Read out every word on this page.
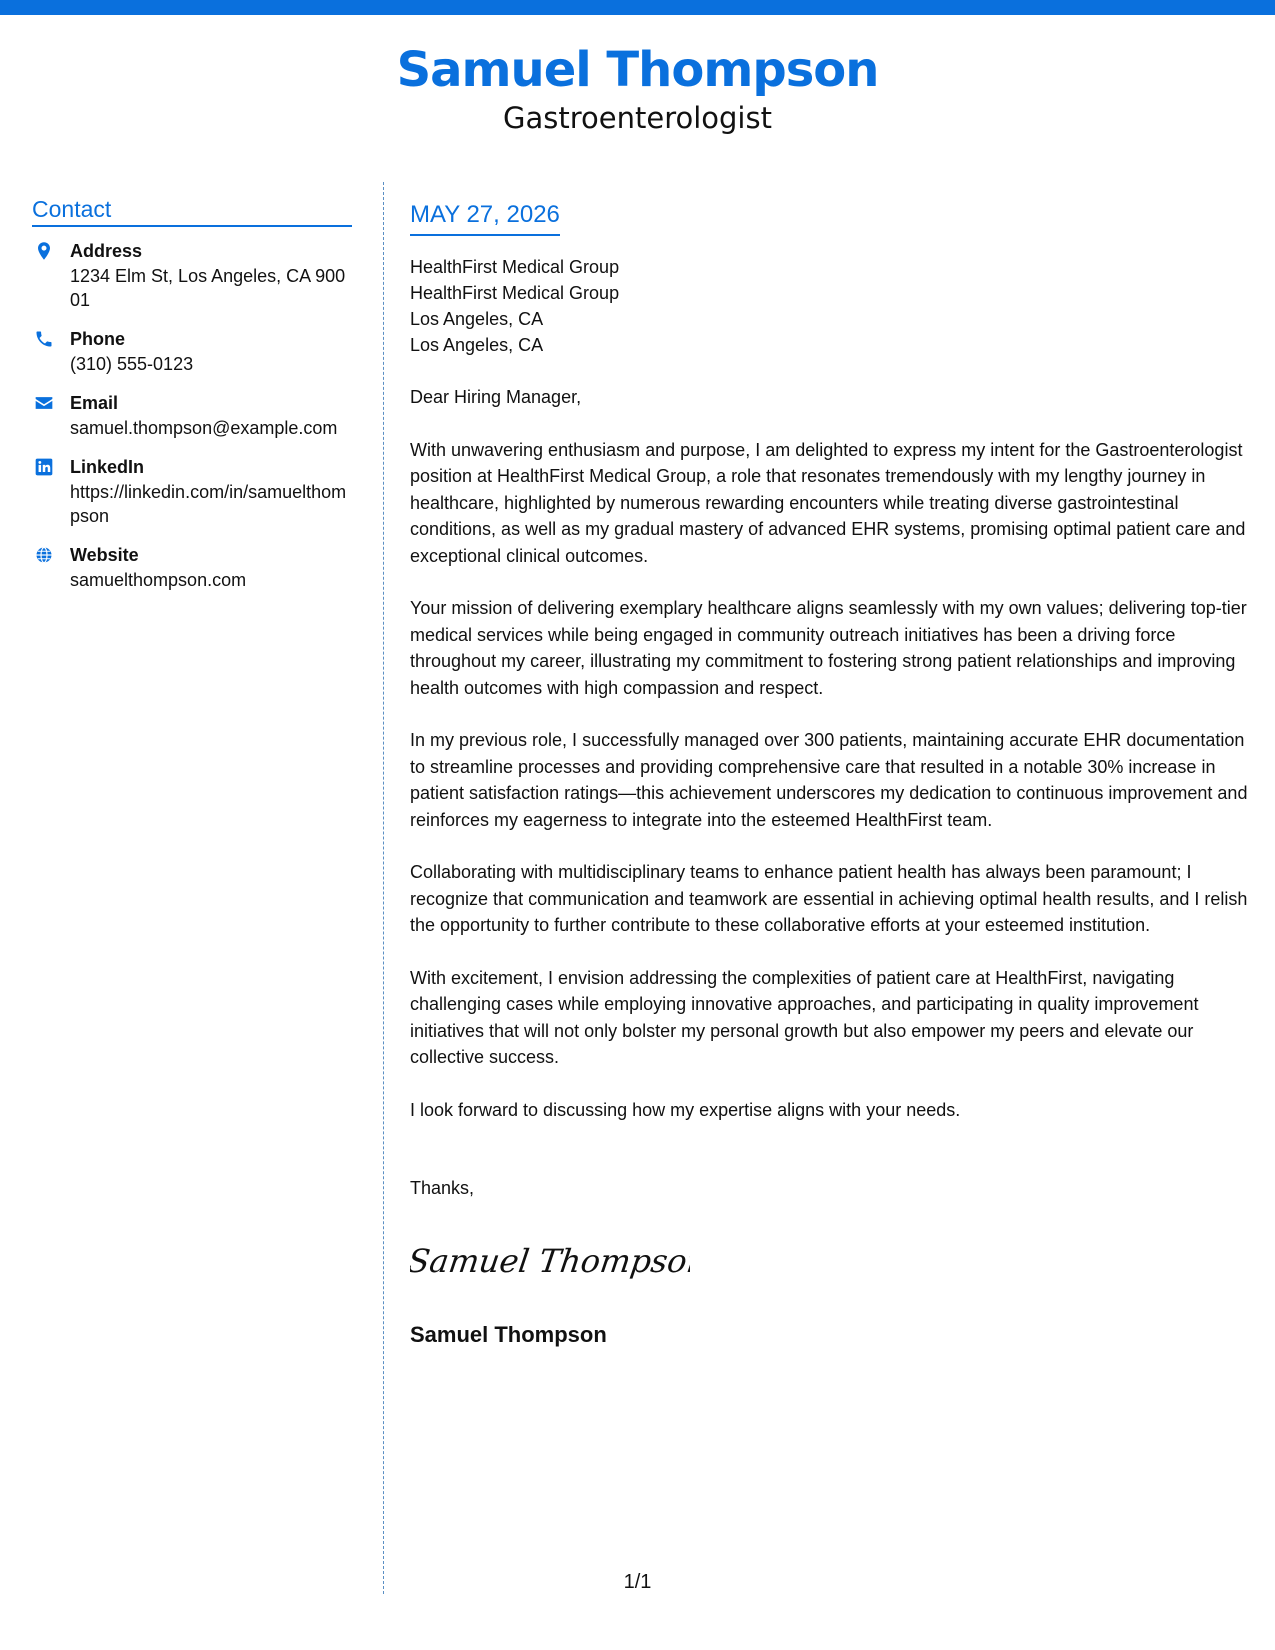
Samuel Thompson
Gastroenterologist
Contact
Address
1234 Elm St, Los Angeles, CA 90001
Phone
(310) 555-0123
Email
samuel.thompson@example.com
LinkedIn
https://linkedin.com/in/samuelthompson
Website
samuelthompson.com
MAY 27, 2026
HealthFirst Medical Group
HealthFirst Medical Group
Los Angeles, CA
Los Angeles, CA
Dear Hiring Manager,
With unwavering enthusiasm and purpose, I am delighted to express my intent for the Gastroenterologist position at HealthFirst Medical Group, a role that resonates tremendously with my lengthy journey in healthcare, highlighted by numerous rewarding encounters while treating diverse gastrointestinal conditions, as well as my gradual mastery of advanced EHR systems, promising optimal patient care and exceptional clinical outcomes.
Your mission of delivering exemplary healthcare aligns seamlessly with my own values; delivering top-tier medical services while being engaged in community outreach initiatives has been a driving force throughout my career, illustrating my commitment to fostering strong patient relationships and improving health outcomes with high compassion and respect.
In my previous role, I successfully managed over 300 patients, maintaining accurate EHR documentation to streamline processes and providing comprehensive care that resulted in a notable 30% increase in patient satisfaction ratings—this achievement underscores my dedication to continuous improvement and reinforces my eagerness to integrate into the esteemed HealthFirst team.
Collaborating with multidisciplinary teams to enhance patient health has always been paramount; I recognize that communication and teamwork are essential in achieving optimal health results, and I relish the opportunity to further contribute to these collaborative efforts at your esteemed institution.
With excitement, I envision addressing the complexities of patient care at HealthFirst, navigating challenging cases while employing innovative approaches, and participating in quality improvement initiatives that will not only bolster my personal growth but also empower my peers and elevate our collective success.
I look forward to discussing how my expertise aligns with your needs.
Thanks,
Samuel Thompson
Samuel Thompson
1/1
